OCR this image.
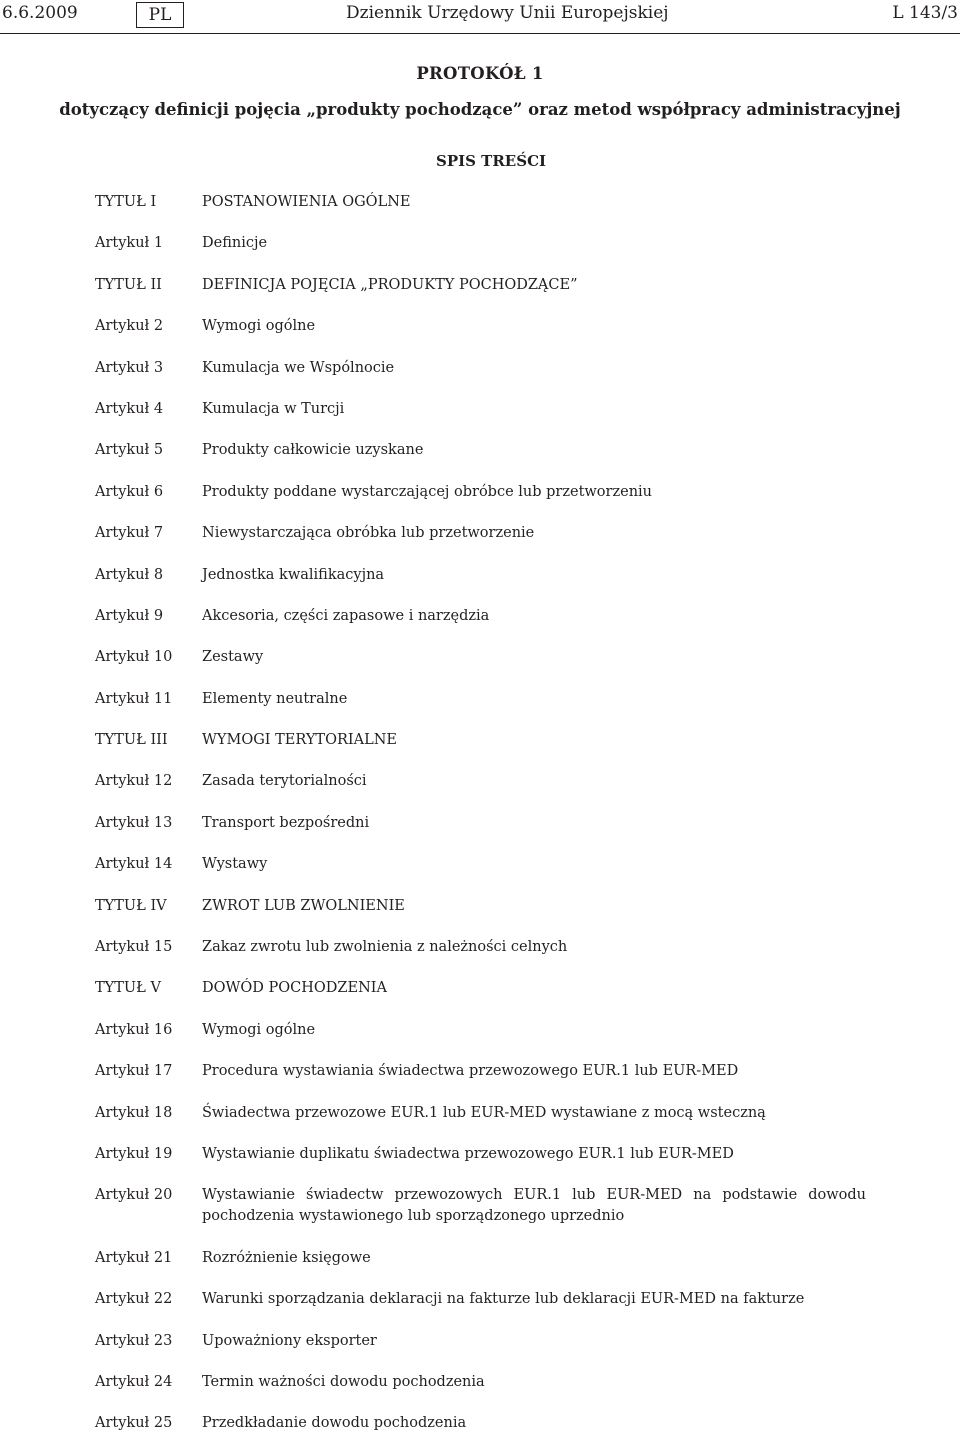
6.6.2009	PL	Dziennik Urzędowy Unii Europejskiej	L 143/3
PROTOKÓŁ 1
dotyczący definicji pojęcia „produkty pochodzące” oraz metod współpracy administracyjnej
SPIS TREŚCI
TYTUŁ I	POSTANOWIENIA OGÓLNE
Artykuł 1	Definicje
TYTUŁ II	DEFINICJA POJĘCIA „PRODUKTY POCHODZĄCE”
Artykuł 2	Wymogi ogólne
Artykuł 3	Kumulacja we Wspólnocie
Artykuł 4	Kumulacja w Turcji
Artykuł 5	Produkty całkowicie uzyskane
Artykuł 6	Produkty poddane wystarczającej obróbce lub przetworzeniu
Artykuł 7	Niewystarczająca obróbka lub przetworzenie
Artykuł 8	Jednostka kwalifikacyjna
Artykuł 9	Akcesoria, części zapasowe i narzędzia
Artykuł 10 Zestawy
Artykuł 11 Elementy neutralne
TYTUŁ III WYMOGI TERYTORIALNE
Artykuł 12 Zasada terytorialności
Artykuł 13 Transport bezpośredni
Artykuł 14 Wystawy
TYTUŁ IV ZWROT LUB ZWOLNIENIE
Artykuł 15 Zakaz zwrotu lub zwolnienia z należności celnych
TYTUŁ V	DOWÓD POCHODZENIA
Artykuł 16 Wymogi ogólne
Artykuł 17 Procedura wystawiania świadectwa przewozowego EUR.1 lub EUR-MED
Artykuł 18 Świadectwa przewozowe EUR.1 lub EUR-MED wystawiane z mocą wsteczną
Artykuł 19 Wystawianie duplikatu świadectwa przewozowego EUR.1 lub EUR-MED
Artykuł 20 Wystawianie świadectw przewozowych EUR.1 lub EUR-MED na podstawie dowodu pochodzenia wystawionego lub sporządzonego uprzednio
Artykuł 21 Rozróżnienie księgowe
Artykuł 22 Warunki sporządzania deklaracji na fakturze lub deklaracji EUR-MED na fakturze
Artykuł 23 Upoważniony eksporter
Artykuł 24 Termin ważności dowodu pochodzenia
Artykuł 25 Przedkładanie dowodu pochodzenia
